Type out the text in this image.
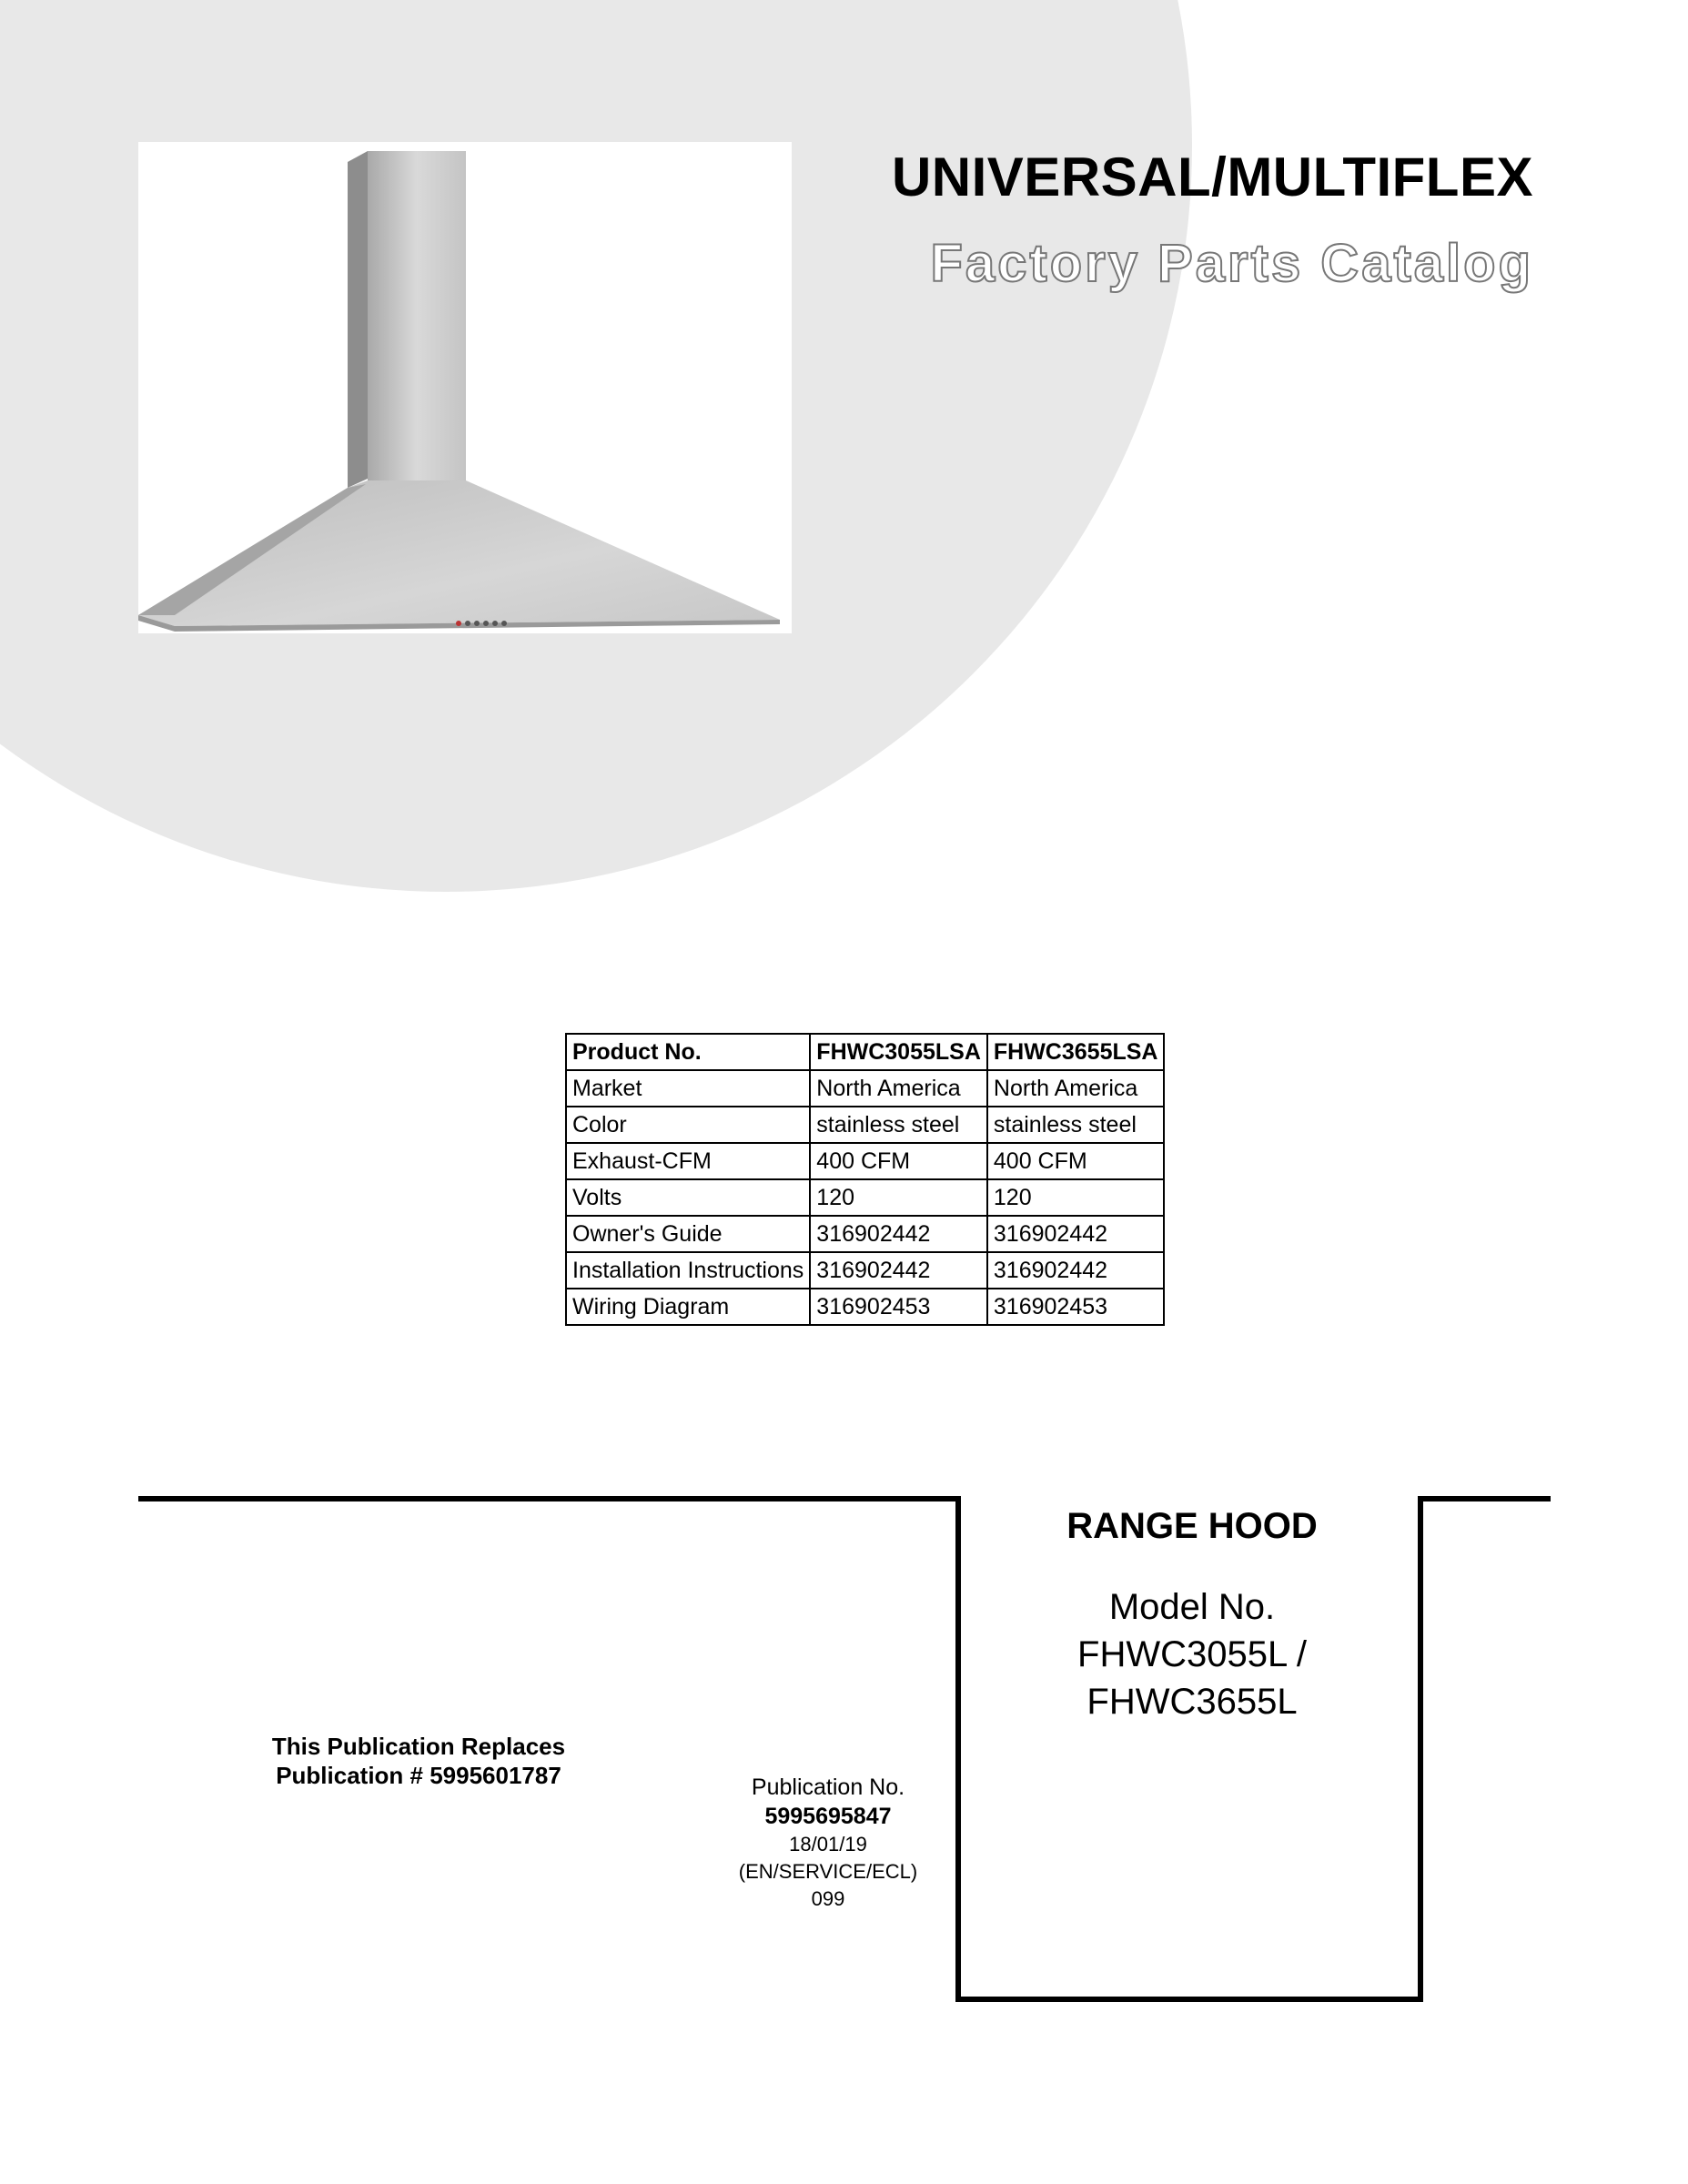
UNIVERSAL/MULTIFLEX
Factory Parts Catalog
Product No.	FHWC3055LSA	FHWC3655LSA
Market	North America	North America
Color	stainless steel	stainless steel
Exhaust-CFM	400 CFM	400 CFM
Volts	120	120
Owner's Guide	316902442	316902442
Installation Instructions	316902442	316902442
Wiring Diagram	316902453	316902453
This Publication Replaces
Publication # 5995601787	Publication No.
5995695847
18/01/19
(EN/SERVICE/ECL)
099
RANGE HOOD
Model No.
FHWC3055L /
FHWC3655L
